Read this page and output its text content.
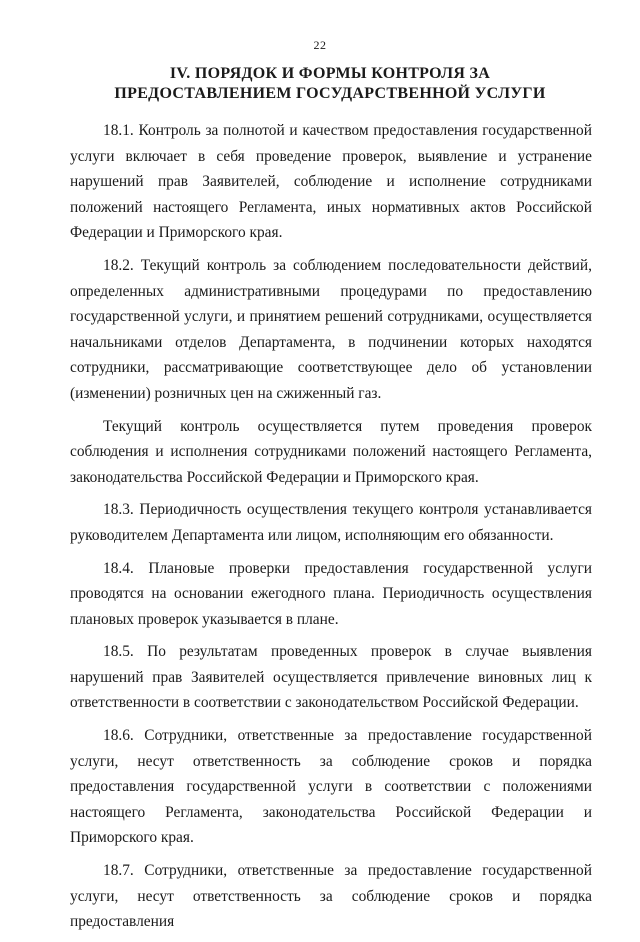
22
IV. ПОРЯДОК И ФОРМЫ КОНТРОЛЯ ЗА
ПРЕДОСТАВЛЕНИЕМ ГОСУДАРСТВЕННОЙ УСЛУГИ

18.1. Контроль за полнотой и качеством предоставления государственной услуги включает в себя проведение проверок, выявление и устранение нарушений прав Заявителей, соблюдение и исполнение сотрудниками положений настоящего Регламента, иных нормативных актов Российской Федерации и Приморского края.

18.2. Текущий контроль за соблюдением последовательности действий, определенных административными процедурами по предоставлению государственной услуги, и принятием решений сотрудниками, осуществляется начальниками отделов Департамента, в подчинении которых находятся сотрудники, рассматривающие соответствующее дело об установлении (изменении) розничных цен на сжиженный газ.

Текущий контроль осуществляется путем проведения проверок соблюдения и исполнения сотрудниками положений настоящего Регламента, законодательства Российской Федерации и Приморского края.

18.3. Периодичность осуществления текущего контроля устанавливается руководителем Департамента или лицом, исполняющим его обязанности.

18.4. Плановые проверки предоставления государственной услуги проводятся на основании ежегодного плана. Периодичность осуществления плановых проверок указывается в плане.

18.5. По результатам проведенных проверок в случае выявления нарушений прав Заявителей осуществляется привлечение виновных лиц к ответственности в соответствии с законодательством Российской Федерации.

18.6. Сотрудники, ответственные за предоставление государственной услуги, несут ответственность за соблюдение сроков и порядка предоставления государственной услуги в соответствии с положениями настоящего Регламента, законодательства Российской Федерации и Приморского края.

18.7. Сотрудники, ответственные за предоставление государственной услуги, несут ответственность за соблюдение сроков и порядка предоставления
